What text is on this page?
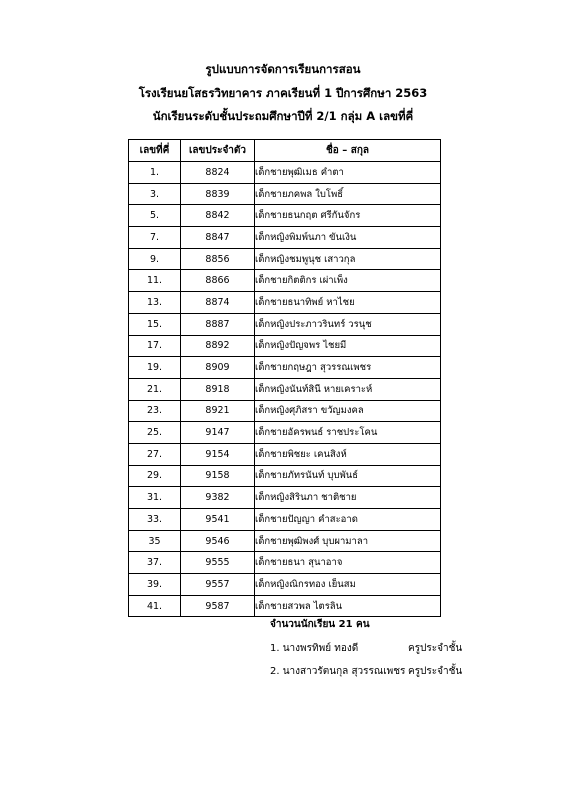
รูปแบบการจัดการเรียนการสอน
โรงเรียนยโสธรวิทยาคาร ภาคเรียนที่ 1 ปีการศึกษา 2563
นักเรียนระดับชั้นประถมศึกษาปีที่ 2/1 กลุ่ม A เลขที่คี่
เลขที่คี่	เลขประจำตัว	ชื่อ – สกุล
1.	8824	เด็กชายพุฒิเมธ คำตา
3.	8839	เด็กชายภคพล ใบโพธิ์
5.	8842	เด็กชายธนกฤต ศรีกันจักร
7.	8847	เด็กหญิงพิมพ์นภา ขันเงิน
9.	8856	เด็กหญิงชมพูนุช เสาวกุล
11.	8866	เด็กชายกิตติกร เผ่าเพ็ง
13.	8874	เด็กชายธนาทิพย์ หาไชย
15.	8887	เด็กหญิงประภาวรินทร์ วรนุช
17.	8892	เด็กหญิงปัญจพร ไชยมี
19.	8909	เด็กชายกฤษฎา สุวรรณเพชร
21.	8918	เด็กหญิงนันท์สินี หายเคราะห์
23.	8921	เด็กหญิงศุภิสรา ขวัญมงคล
25.	9147	เด็กชายอัครพนธ์ ราชประโคน
27.	9154	เด็กชายพิชยะ เคนสิงห์
29.	9158	เด็กชายภัทรนันท์ บุบพันธ์
31.	9382	เด็กหญิงสิรินภา ชาติชาย
33.	9541	เด็กชายปัญญา คำสะอาด
35	9546	เด็กชายพุฒิพงศ์ บุบผามาลา
37.	9555	เด็กชายธนา สุนาอาจ
39.	9557	เด็กหญิงณิกรทอง เย็นสม
41.	9587	เด็กชายสวพล ไตรลิน
จำนวนนักเรียน 21 คน
1. นางพรทิพย์ ทองดี	ครูประจำชั้น
2. นางสาวรัตนกุล สุวรรณเพชร ครูประจำชั้น
